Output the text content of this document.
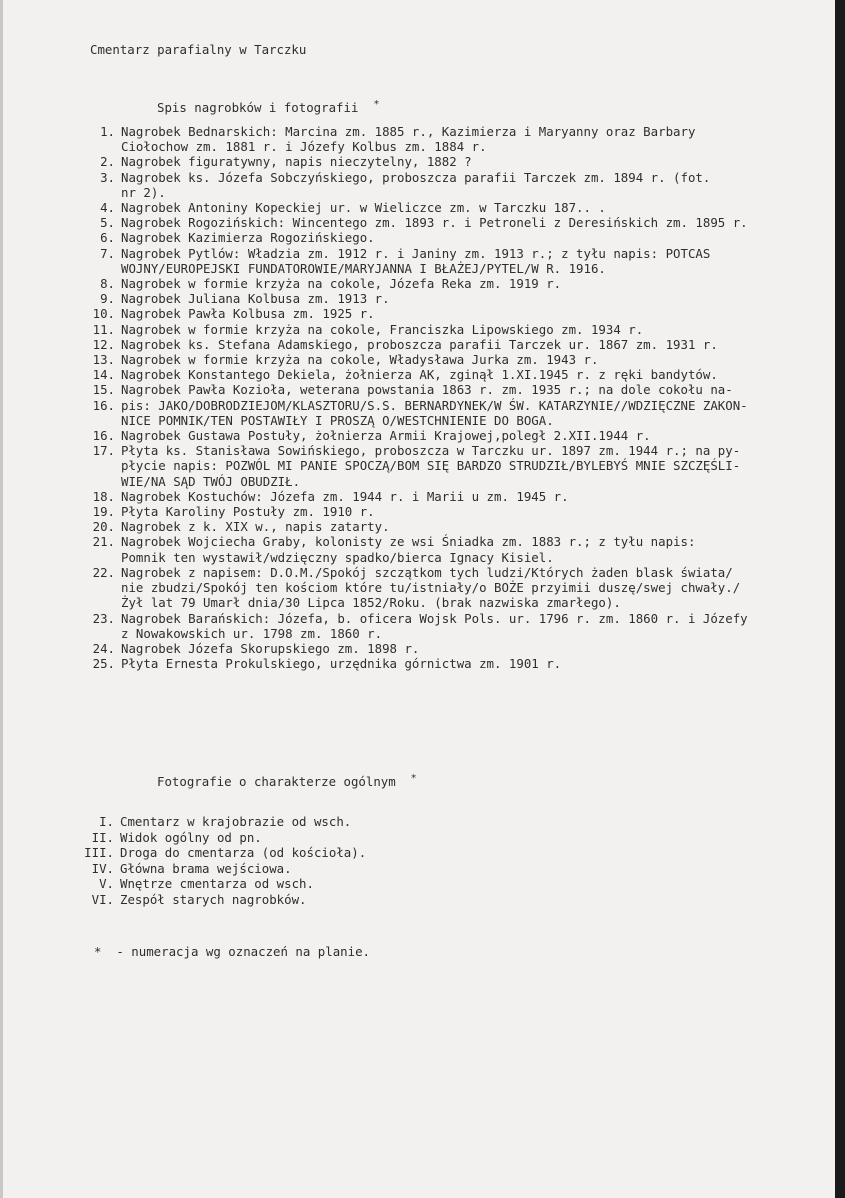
Cmentarz parafialny w Tarczku
Spis nagrobków i fotografii *
1. Nagrobek Bednarskich: Marcina zm. 1885 r., Kazimierza i Maryanny oraz Barbary
Ciołochow zm. 1881 r. i Józefy Kolbus zm. 1884 r.
2. Nagrobek figuratywny, napis nieczytelny, 1882 ?
3. Nagrobek ks. Józefa Sobczyńskiego, proboszcza parafii Tarczek zm. 1894 r. (fot.
nr 2).
4. Nagrobek Antoniny Kopeckiej ur. w Wieliczce zm. w Tarczku 187.. .
5. Nagrobek Rogozińskich: Wincentego zm. 1893 r. i Petroneli z Deresińskich zm. 1895 r.
6. Nagrobek Kazimierza Rogozińskiego.
7. Nagrobek Pytlów: Władzia zm. 1912 r. i Janiny zm. 1913 r.; z tyłu napis: POTCAS
WOJNY/EUROPEJSKI FUNDATOROWIE/MARYJANNA I BŁAŻEJ/PYTEL/W R. 1916.
8. Nagrobek w formie krzyża na cokole, Józefa Reka zm. 1919 r.
9. Nagrobek Juliana Kolbusa zm. 1913 r.
10. Nagrobek Pawła Kolbusa zm. 1925 r.
11. Nagrobek w formie krzyża na cokole, Franciszka Lipowskiego zm. 1934 r.
12. Nagrobek ks. Stefana Adamskiego, proboszcza parafii Tarczek ur. 1867 zm. 1931 r.
13. Nagrobek w formie krzyża na cokole, Władysława Jurka zm. 1943 r.
14. Nagrobek Konstantego Dekiela, żołnierza AK, zginął 1.XI.1945 r. z ręki bandytów.
15. Nagrobek Pawła Kozioła, weterana powstania 1863 r. zm. 1935 r.; na dole cokołu na-
16. pis: JAKO/DOBRODZIEJOM/KLASZTORU/S.S. BERNARDYNEK/W ŚW. KATARZYNIE//WDZIĘCZNE ZAKON-
NICE POMNIK/TEN POSTAWIŁY I PROSZĄ O/WESTCHNIENIE DO BOGA.
16. Nagrobek Gustawa Postuły, żołnierza Armii Krajowej,poległ 2.XII.1944 r.
17. Płyta ks. Stanisława Sowińskiego, proboszcza w Tarczku ur. 1897 zm. 1944 r.; na py-
płycie napis: POZWÓL MI PANIE SPOCZĄ/BOM SIĘ BARDZO STRUDZIŁ/BYLEBYŚ MNIE SZCZĘŚLI-
WIE/NA SĄD TWÓJ OBUDZIŁ.
18. Nagrobek Kostuchów: Józefa zm. 1944 r. i Marii u zm. 1945 r.
19. Płyta Karoliny Postuły zm. 1910 r.
20. Nagrobek z k. XIX w., napis zatarty.
21. Nagrobek Wojciecha Graby, kolonisty ze wsi Śniadka zm. 1883 r.; z tyłu napis:
Pomnik ten wystawił/wdzięczny spadko/bierca Ignacy Kisiel.
22. Nagrobek z napisem: D.O.M./Spokój szczątkom tych ludzi/Których żaden blask świata/
nie zbudzi/Spokój ten kościom które tu/istniały/o BOŻE przyimii duszę/swej chwały./
Żył lat 79 Umarł dnia/30 Lipca 1852/Roku. (brak nazwiska zmarłego).
23. Nagrobek Barańskich: Józefa, b. oficera Wojsk Pols. ur. 1796 r. zm. 1860 r. i Józefy
z Nowakowskich ur. 1798 zm. 1860 r.
24. Nagrobek Józefa Skorupskiego zm. 1898 r.
25. Płyta Ernesta Prokulskiego, urzędnika górnictwa zm. 1901 r.
Fotografie o charakterze ogólnym *
I. Cmentarz w krajobrazie od wsch.
II. Widok ogólny od pn.
III. Droga do cmentarza (od kościoła).
IV. Główna brama wejściowa.
V. Wnętrze cmentarza od wsch.
VI. Zespół starych nagrobków.
*  - numeracja wg oznaczeń na planie.
